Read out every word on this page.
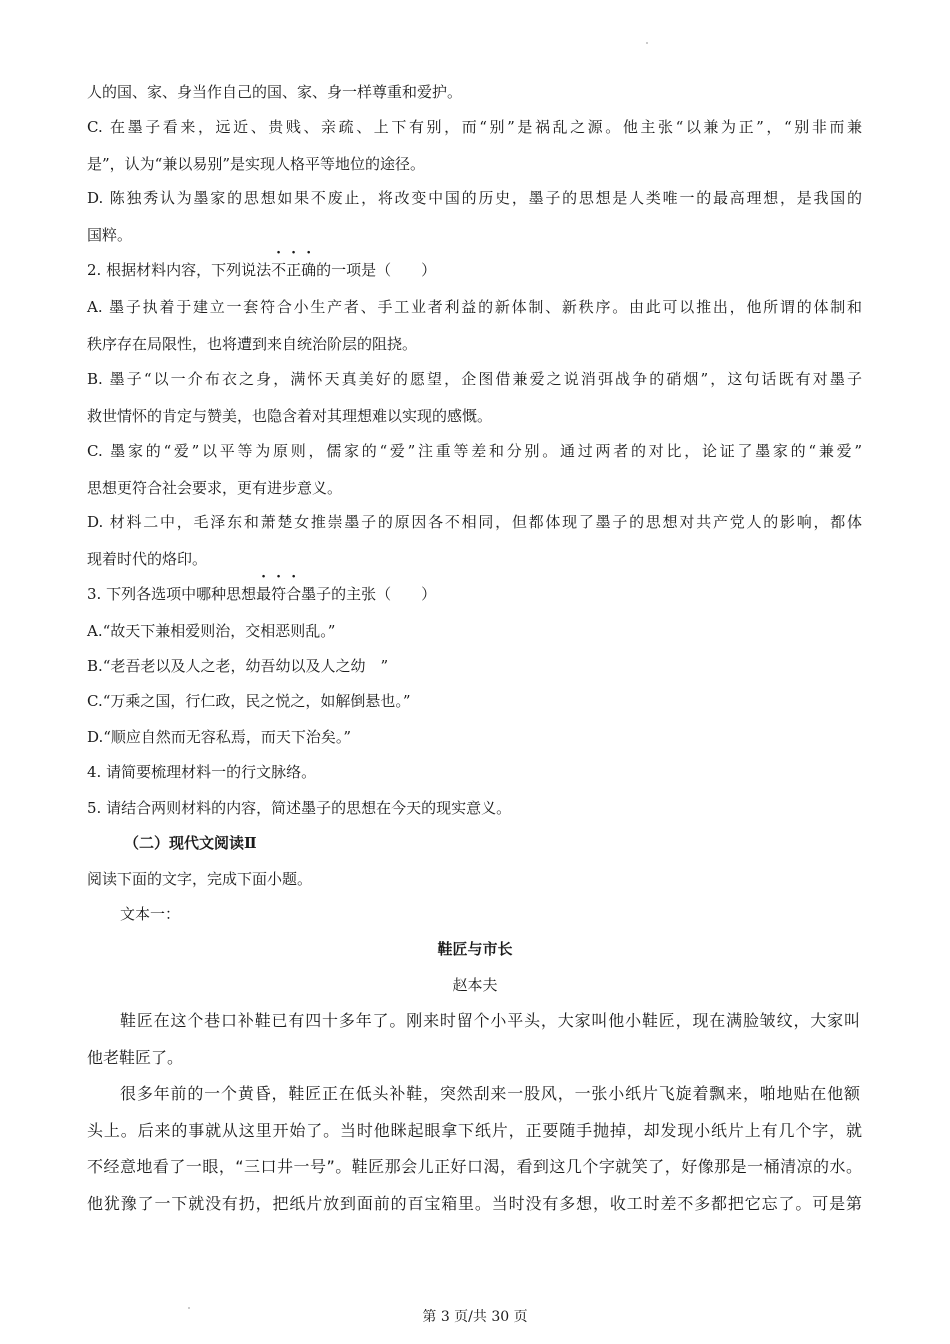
人的国、家、身当作自己的国、家、身一样尊重和爱护。
C. 在墨子看来，远近、贵贱、亲疏、上下有别，而“别”是祸乱之源。他主张“以兼为正”，“别非而兼
是”，认为“兼以易别”是实现人格平等地位的途径。
D. 陈独秀认为墨家的思想如果不废止，将改变中国的历史，墨子的思想是人类唯一的最高理想，是我国的
国粹。
2. 根据材料内容，下列说法不正确的一项是（　　）
A. 墨子执着于建立一套符合小生产者、手工业者利益的新体制、新秩序。由此可以推出，他所谓的体制和
秩序存在局限性，也将遭到来自统治阶层的阻挠。
B. 墨子“以一介布衣之身，满怀天真美好的愿望，企图借兼爱之说消弭战争的硝烟”，这句话既有对墨子
救世情怀的肯定与赞美，也隐含着对其理想难以实现的感慨。
C. 墨家的“爱”以平等为原则，儒家的“爱”注重等差和分别。通过两者的对比，论证了墨家的“兼爱”
思想更符合社会要求，更有进步意义。
D. 材料二中，毛泽东和萧楚女推崇墨子的原因各不相同，但都体现了墨子的思想对共产党人的影响，都体
现着时代的烙印。
3. 下列各选项中哪种思想最符合墨子的主张（　　）
A.“故天下兼相爱则治，交相恶则乱。”
B.“老吾老以及人之老，幼吾幼以及人之幼　”
C.“万乘之国，行仁政，民之悦之，如解倒悬也。”
D.“顺应自然而无容私焉，而天下治矣。”
4. 请简要梳理材料一的行文脉络。
5. 请结合两则材料的内容，简述墨子的思想在今天的现实意义。
（二）现代文阅读Ⅱ
阅读下面的文字，完成下面小题。
文本一：
鞋匠与市长
赵本夫
鞋匠在这个巷口补鞋已有四十多年了。刚来时留个小平头，大家叫他小鞋匠，现在满脸皱纹，大家叫
他老鞋匠了。
很多年前的一个黄昏，鞋匠正在低头补鞋，突然刮来一股风，一张小纸片飞旋着飘来，啪地贴在他额
头上。后来的事就从这里开始了。当时他眯起眼拿下纸片，正要随手抛掉，却发现小纸片上有几个字，就
不经意地看了一眼，“三口井一号”。鞋匠那会儿正好口渴，看到这几个字就笑了，好像那是一桶清凉的水。
他犹豫了一下就没有扔，把纸片放到面前的百宝箱里。当时没有多想，收工时差不多都把它忘了。可是第
第 3 页/共 30 页
